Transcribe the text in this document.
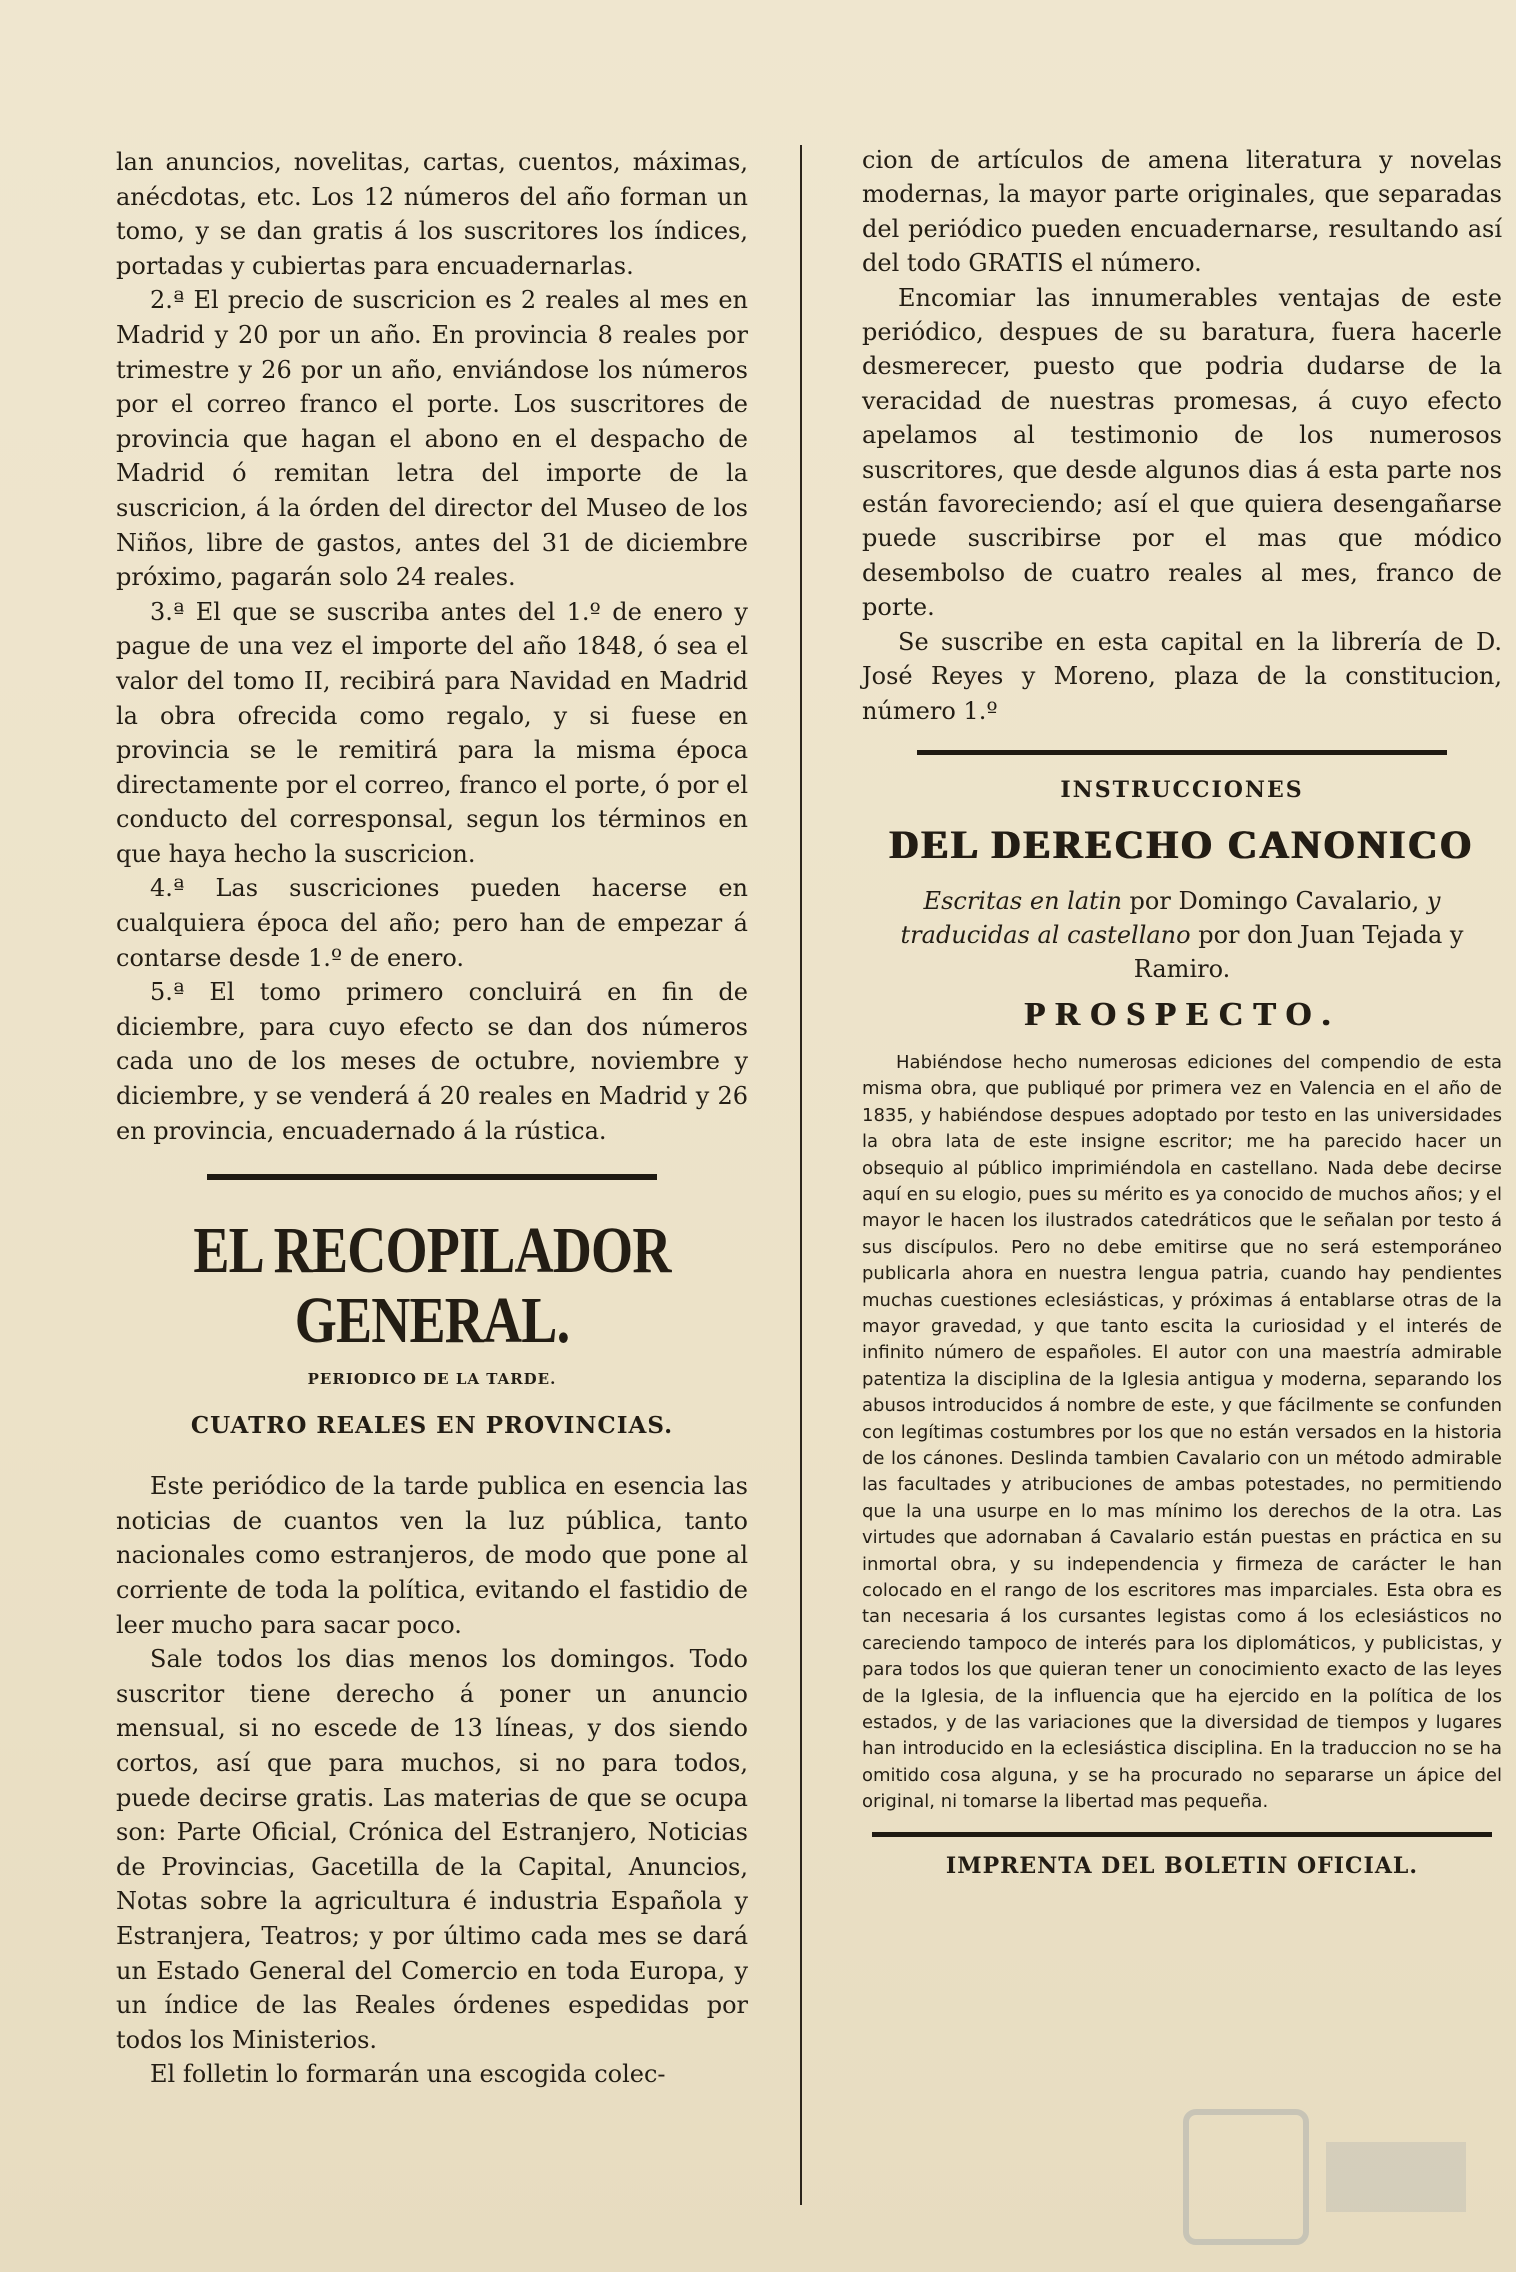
lan anuncios, novelitas, cartas, cuentos, máximas, anécdotas, etc. Los 12 números del año forman un tomo, y se dan gratis á los suscritores los índices, portadas y cubiertas para encuadernarlas.

2.ª El precio de suscricion es 2 reales al mes en Madrid y 20 por un año. En provincia 8 reales por trimestre y 26 por un año, enviándose los números por el correo franco el porte. Los suscritores de provincia que hagan el abono en el despacho de Madrid ó remitan letra del importe de la suscricion, á la órden del director del Museo de los Niños, libre de gastos, antes del 31 de diciembre próximo, pagarán solo 24 reales.

3.ª El que se suscriba antes del 1.º de enero y pague de una vez el importe del año 1848, ó sea el valor del tomo II, recibirá para Navidad en Madrid la obra ofrecida como regalo, y si fuese en provincia se le remitirá para la misma época directamente por el correo, franco el porte, ó por el conducto del corresponsal, segun los términos en que haya hecho la suscricion.

4.ª Las suscriciones pueden hacerse en cualquiera época del año; pero han de empezar á contarse desde 1.º de enero.

5.ª El tomo primero concluirá en fin de diciembre, para cuyo efecto se dan dos números cada uno de los meses de octubre, noviembre y diciembre, y se venderá á 20 reales en Madrid y 26 en provincia, encuadernado á la rústica.

EL RECOPILADOR GENERAL.
PERIODICO DE LA TARDE.
CUATRO REALES EN PROVINCIAS.

Este periódico de la tarde publica en esencia las noticias de cuantos ven la luz pública, tanto nacionales como estranjeros, de modo que pone al corriente de toda la política, evitando el fastidio de leer mucho para sacar poco.

Sale todos los dias menos los domingos. Todo suscritor tiene derecho á poner un anuncio mensual, si no escede de 13 líneas, y dos siendo cortos, así que para muchos, si no para todos, puede decirse gratis. Las materias de que se ocupa son: Parte Oficial, Crónica del Estranjero, Noticias de Provincias, Gacetilla de la Capital, Anuncios, Notas sobre la agricultura é industria Española y Estranjera, Teatros; y por último cada mes se dará un Estado General del Comercio en toda Europa, y un índice de las Reales órdenes espedidas por todos los Ministerios.

El folletin lo formarán una escogida colec-

cion de artículos de amena literatura y novelas modernas, la mayor parte originales, que separadas del periódico pueden encuadernarse, resultando así del todo GRATIS el número.

Encomiar las innumerables ventajas de este periódico, despues de su baratura, fuera hacerle desmerecer, puesto que podria dudarse de la veracidad de nuestras promesas, á cuyo efecto apelamos al testimonio de los numerosos suscritores, que desde algunos dias á esta parte nos están favoreciendo; así el que quiera desengañarse puede suscribirse por el mas que módico desembolso de cuatro reales al mes, franco de porte.

Se suscribe en esta capital en la librería de D. José Reyes y Moreno, plaza de la constitucion, número 1.º

INSTRUCCIONES
DEL DERECHO CANONICO
Escritas en latin por Domingo Cavalario, y traducidas al castellano por don Juan Tejada y Ramiro.
PROSPECTO.

Habiéndose hecho numerosas ediciones del compendio de esta misma obra, que publiqué por primera vez en Valencia en el año de 1835, y habiéndose despues adoptado por testo en las universidades la obra lata de este insigne escritor; me ha parecido hacer un obsequio al público imprimiéndola en castellano. Nada debe decirse aquí en su elogio, pues su mérito es ya conocido de muchos años; y el mayor le hacen los ilustrados catedráticos que le señalan por testo á sus discípulos. Pero no debe emitirse que no será estemporáneo publicarla ahora en nuestra lengua patria, cuando hay pendientes muchas cuestiones eclesiásticas, y próximas á entablarse otras de la mayor gravedad, y que tanto escita la curiosidad y el interés de infinito número de españoles. El autor con una maestría admirable patentiza la disciplina de la Iglesia antigua y moderna, separando los abusos introducidos á nombre de este, y que fácilmente se confunden con legítimas costumbres por los que no están versados en la historia de los cánones. Deslinda tambien Cavalario con un método admirable las facultades y atribuciones de ambas potestades, no permitiendo que la una usurpe en lo mas mínimo los derechos de la otra. Las virtudes que adornaban á Cavalario están puestas en práctica en su inmortal obra, y su independencia y firmeza de carácter le han colocado en el rango de los escritores mas imparciales. Esta obra es tan necesaria á los cursantes legistas como á los eclesiásticos no careciendo tampoco de interés para los diplomáticos, y publicistas, y para todos los que quieran tener un conocimiento exacto de las leyes de la Iglesia, de la influencia que ha ejercido en la política de los estados, y de las variaciones que la diversidad de tiempos y lugares han introducido en la eclesiástica disciplina. En la traduccion no se ha omitido cosa alguna, y se ha procurado no separarse un ápice del original, ni tomarse la libertad mas pequeña.

IMPRENTA DEL BOLETIN OFICIAL.
